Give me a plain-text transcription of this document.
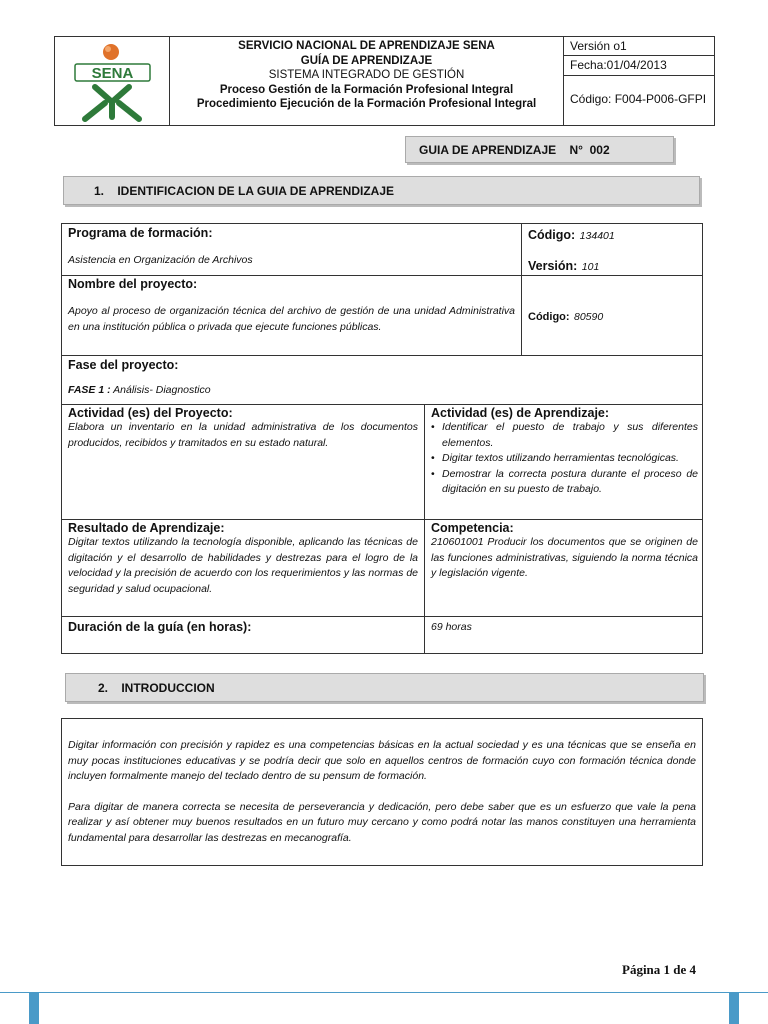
SENA
SERVICIO NACIONAL DE APRENDIZAJE SENA
GUÍA DE APRENDIZAJE
SISTEMA INTEGRADO DE GESTIÓN
Proceso Gestión de la Formación Profesional Integral
Procedimiento Ejecución de la Formación Profesional Integral
Versión o1
Fecha:01/04/2013
Código: F004-P006-GFPI
GUIA DE APRENDIZAJE    N°  002
1.    IDENTIFICACION DE LA GUIA DE APRENDIZAJE
Programa de formación:
Asistencia en Organización de Archivos
Código: 134401
Versión: 101
Nombre del proyecto:
Apoyo al proceso de organización técnica del archivo de gestión de una unidad Administrativa en una institución pública o privada que ejecute funciones públicas.
Código: 80590
Fase del proyecto:
FASE 1 : Análisis- Diagnostico
Actividad (es) del Proyecto:
Elabora un inventario en la unidad administrativa de los documentos producidos, recibidos y tramitados en su estado natural.
Actividad (es) de Aprendizaje:
• Identificar el puesto de trabajo y sus diferentes elementos.
• Digitar textos utilizando herramientas tecnológicas.
• Demostrar la correcta postura durante el proceso de digitación en su puesto de trabajo.
Resultado de Aprendizaje:
Digitar textos utilizando la tecnología disponible, aplicando las técnicas de digitación y el desarrollo de habilidades y destrezas para el logro de la velocidad y la precisión de acuerdo con los requerimientos y las normas de seguridad y salud ocupacional.
Competencia:
210601001 Producir los documentos que se originen de las funciones administrativas, siguiendo la norma técnica y legislación vigente.
Duración de la guía (en horas):	69 horas
2.    INTRODUCCION

Digitar información con precisión y rapidez es una competencias básicas en la actual sociedad y es una técnicas que se enseña en muy pocas instituciones educativas y se podría decir que solo en aquellos centros de formación cuyo con formación técnica donde incluyen formalmente manejo del teclado dentro de su pensum de formación.

Para digitar de manera correcta se necesita de perseverancia y dedicación, pero debe saber que es un esfuerzo que vale la pena realizar y así obtener muy buenos resultados en un futuro muy cercano y como podrá notar las manos constituyen una herramienta fundamental para desarrollar las destrezas en mecanografía.

Página 1 de 4
